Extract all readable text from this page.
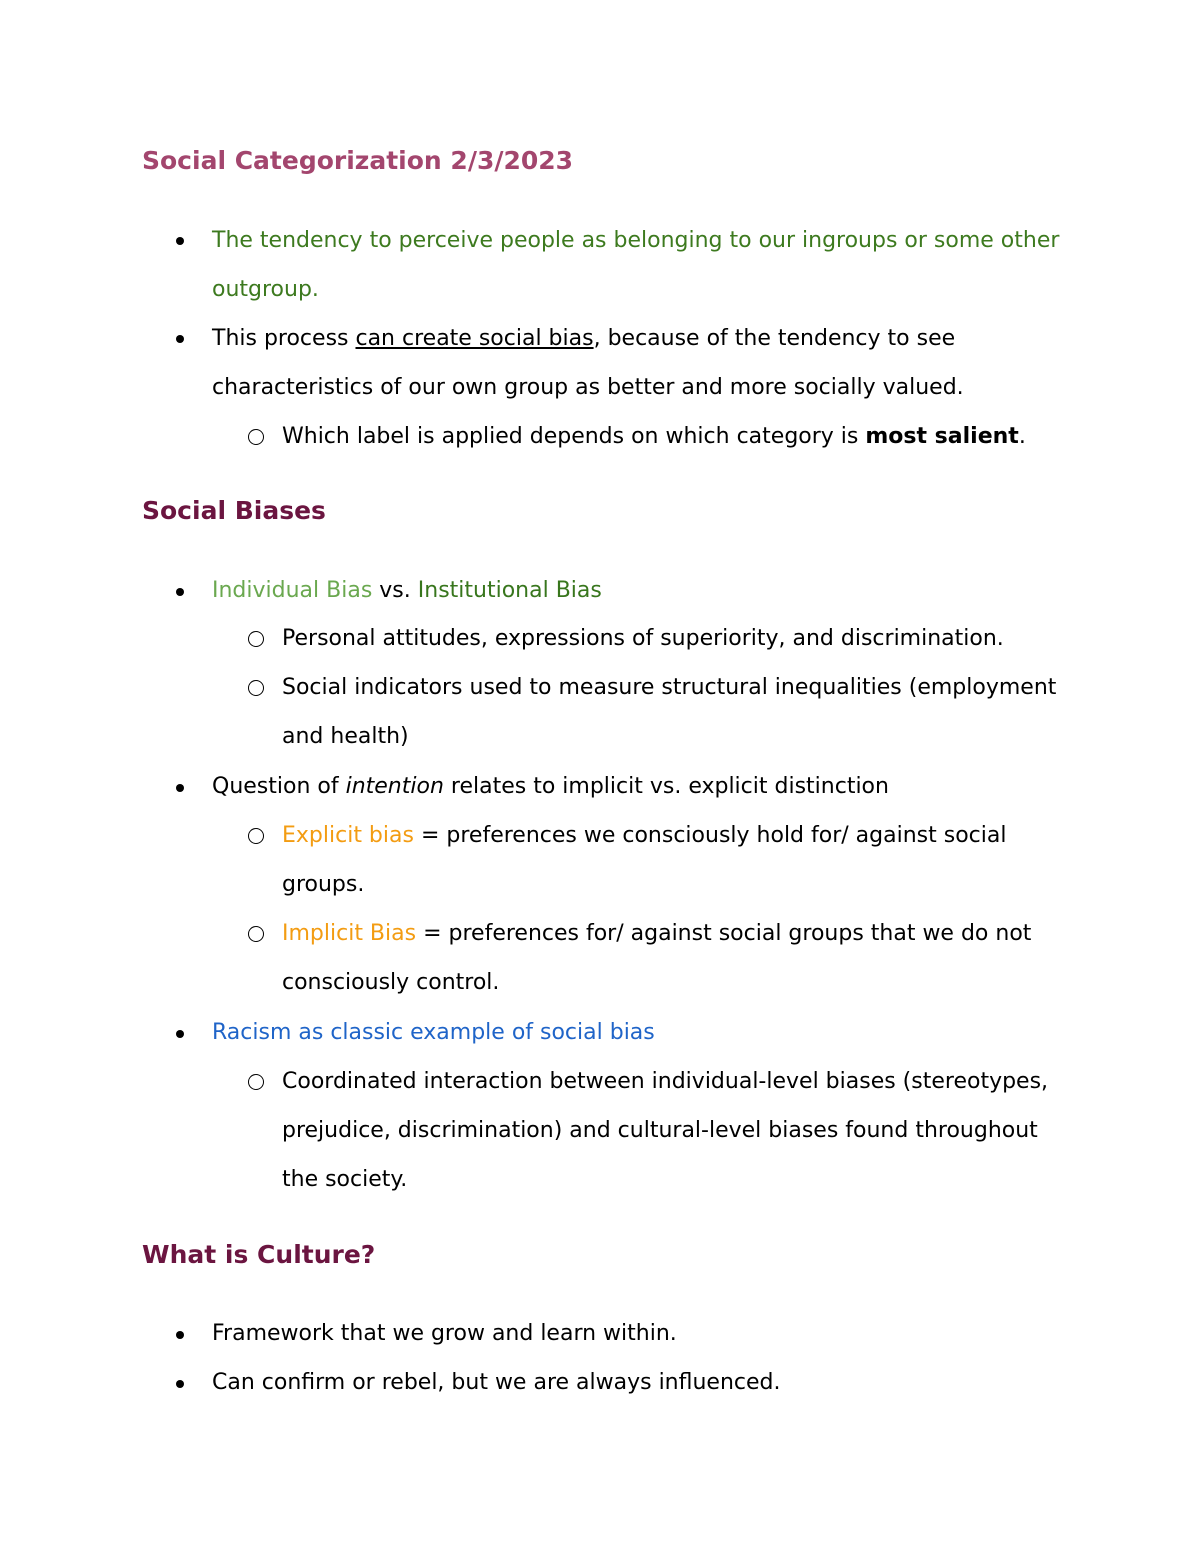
Social Categorization 2/3/2023
The tendency to perceive people as belonging to our ingroups or some other
outgroup.
This process can create social bias, because of the tendency to see
characteristics of our own group as better and more socially valued.
Which label is applied depends on which category is most salient.
Social Biases
Individual Bias vs. Institutional Bias
Personal attitudes, expressions of superiority, and discrimination.
Social indicators used to measure structural inequalities (employment
and health)
Question of intention relates to implicit vs. explicit distinction
Explicit bias = preferences we consciously hold for/ against social
groups.
Implicit Bias = preferences for/ against social groups that we do not
consciously control.
Racism as classic example of social bias
Coordinated interaction between individual-level biases (stereotypes,
prejudice, discrimination) and cultural-level biases found throughout
the society.
What is Culture?
Framework that we grow and learn within.
Can confirm or rebel, but we are always influenced.
